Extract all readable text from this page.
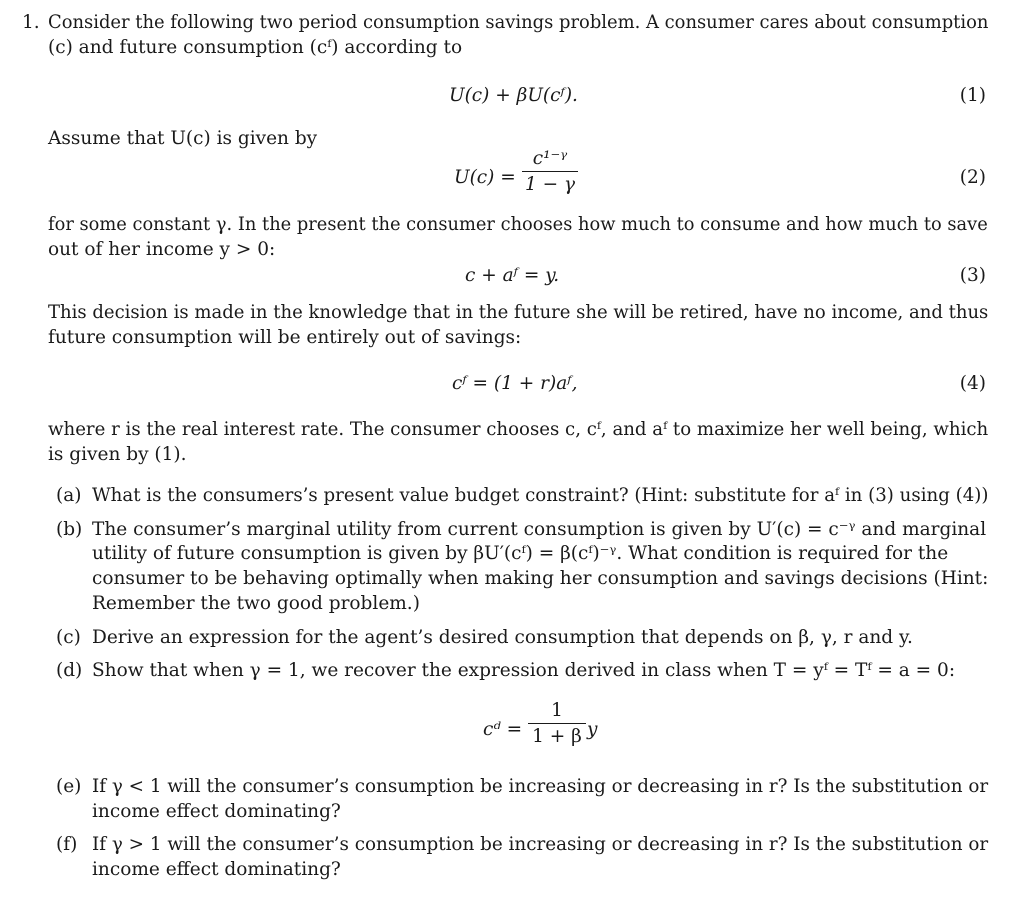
1. Consider the following two period consumption savings problem. A consumer cares about consumption
(c) and future consumption (cᶠ) according to
U(c) + βU(cᶠ).	(1)
Assume that U(c) is given by
$U(c) = \frac{\text{c¹⁻ᵞ}}{1 - \gamma}$	(2)
for some constant γ. In the present the consumer chooses how much to consume and how much to save
out of her income y > 0:
c + aᶠ = y.	(3)
This decision is made in the knowledge that in the future she will be retired, have no income, and thus
future consumption will be entirely out of savings:
cᶠ = (1 + r)aᶠ,	(4)
where r is the real interest rate. The consumer chooses c, cᶠ, and aᶠ to maximize her well being, which
is given by (1).
(a) What is the consumers’s present value budget constraint? (Hint: substitute for aᶠ in (3) using (4))
(b) The consumer’s marginal utility from current consumption is given by U′(c) = c⁻ᵞ and marginal
utility of future consumption is given by βU′(cᶠ) = β(cᶠ)⁻ᵞ. What condition is required for the
consumer to be behaving optimally when making her consumption and savings decisions (Hint:
Remember the two good problem.)
(c) Derive an expression for the agent’s desired consumption that depends on β, γ, r and y.
(d) Show that when γ = 1, we recover the expression derived in class when T = yᶠ = Tᶠ = a = 0:
cᵈ = $\frac{1}{1 + \beta}$ y
(e) If γ < 1 will the consumer’s consumption be increasing or decreasing in r? Is the substitution or
income effect dominating?
(f) If γ > 1 will the consumer’s consumption be increasing or decreasing in r? Is the substitution or
income effect dominating?
